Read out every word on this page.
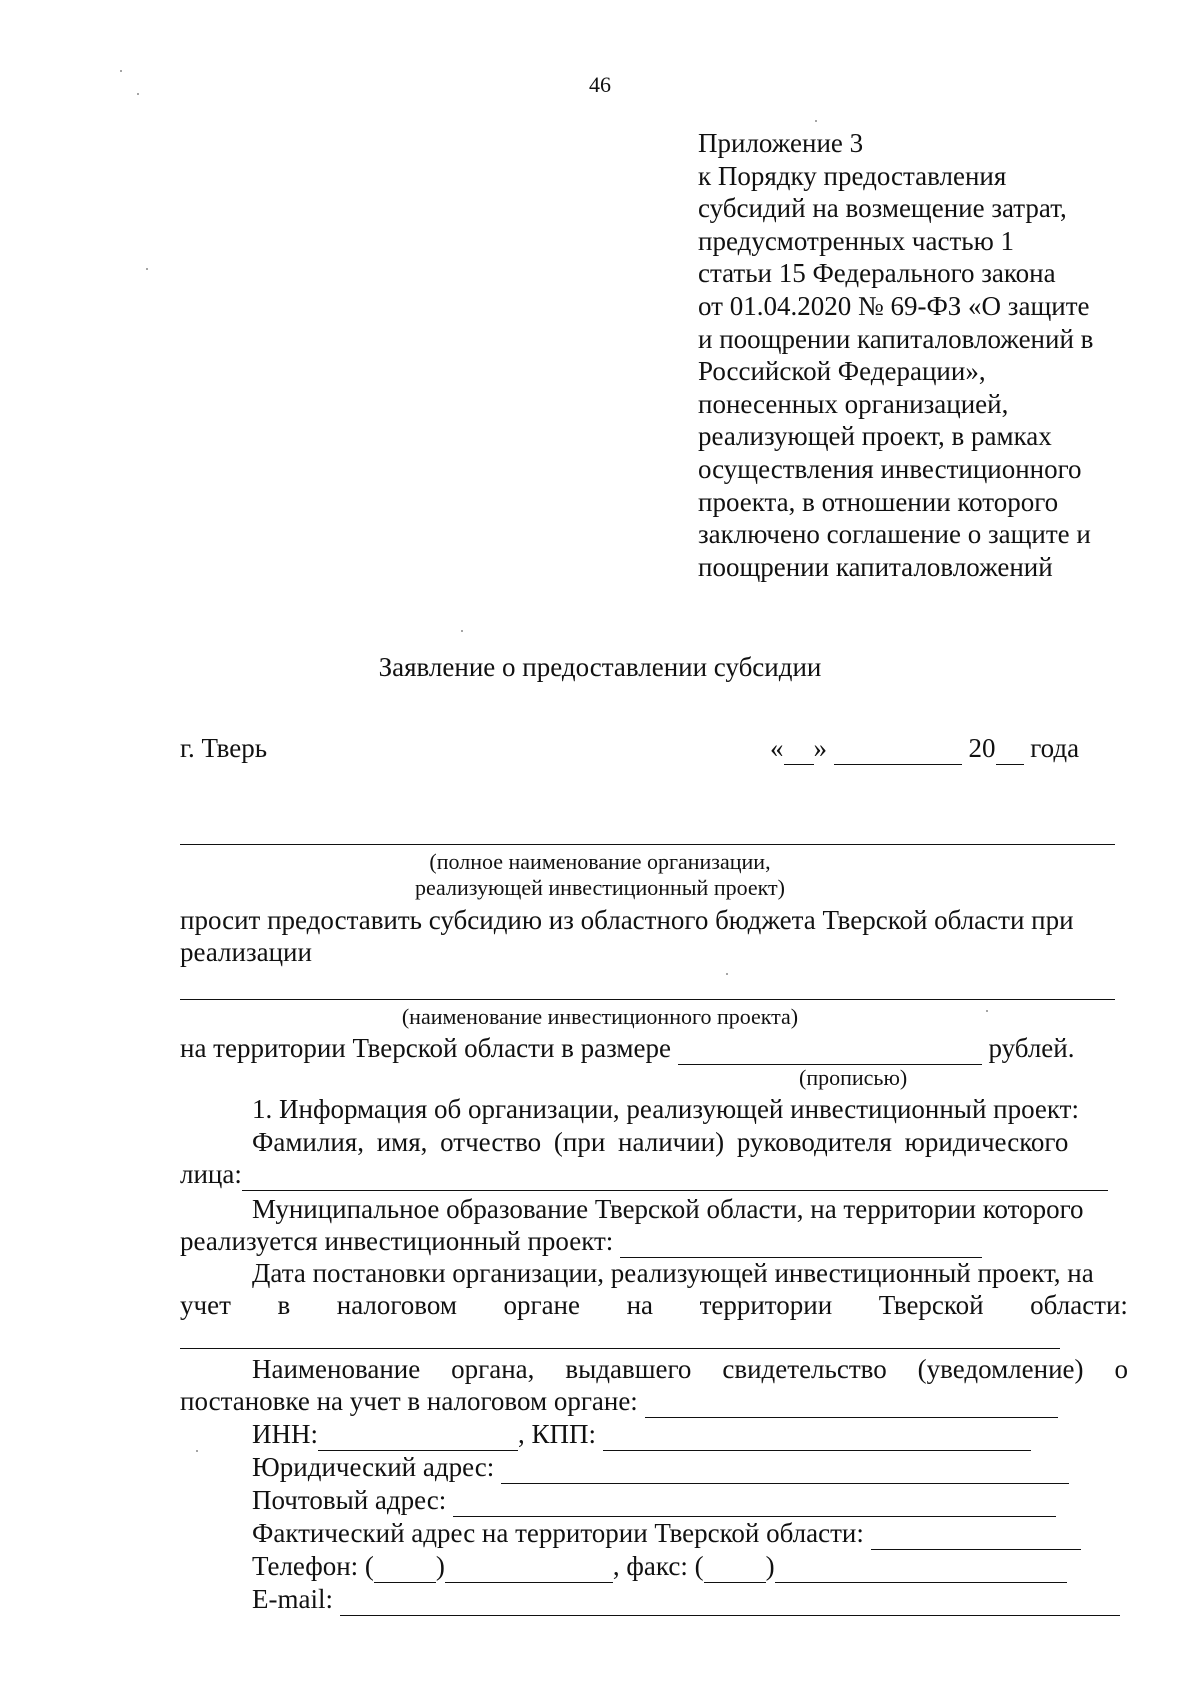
46
Приложение 3
к Порядку предоставления
субсидий на возмещение затрат,
предусмотренных частью 1
статьи 15 Федерального закона
от 01.04.2020 № 69-ФЗ «О защите
и поощрении капиталовложений в
Российской Федерации»,
понесенных организацией,
реализующей проект, в рамках
осуществления инвестиционного
проекта, в отношении которого
заключено соглашение о защите и
поощрении капиталовложений
Заявление о предоставлении субсидии
г. Тверь	« »	20 года
(полное наименование организации,
реализующей инвестиционный проект)
просит предоставить субсидию из областного бюджета Тверской области при
реализации
(наименование инвестиционного проекта)
на территории Тверской области в размере	рублей.
(прописью)
1. Информация об организации, реализующей инвестиционный проект:
Фамилия, имя, отчество (при наличии) руководителя юридического
лица:
Муниципальное образование Тверской области, на территории которого
реализуется инвестиционный проект:
Дата постановки организации, реализующей инвестиционный проект, на
учет в налоговом органе на территории Тверской области:
Наименование органа, выдавшего свидетельство (уведомление) о
постановке на учет в налоговом органе:
ИНН:	, КПП:
Юридический адрес:
Почтовый адрес:
Фактический адрес на территории Тверской области:
Телефон: ( )	, факс: ( )
E-mail:
